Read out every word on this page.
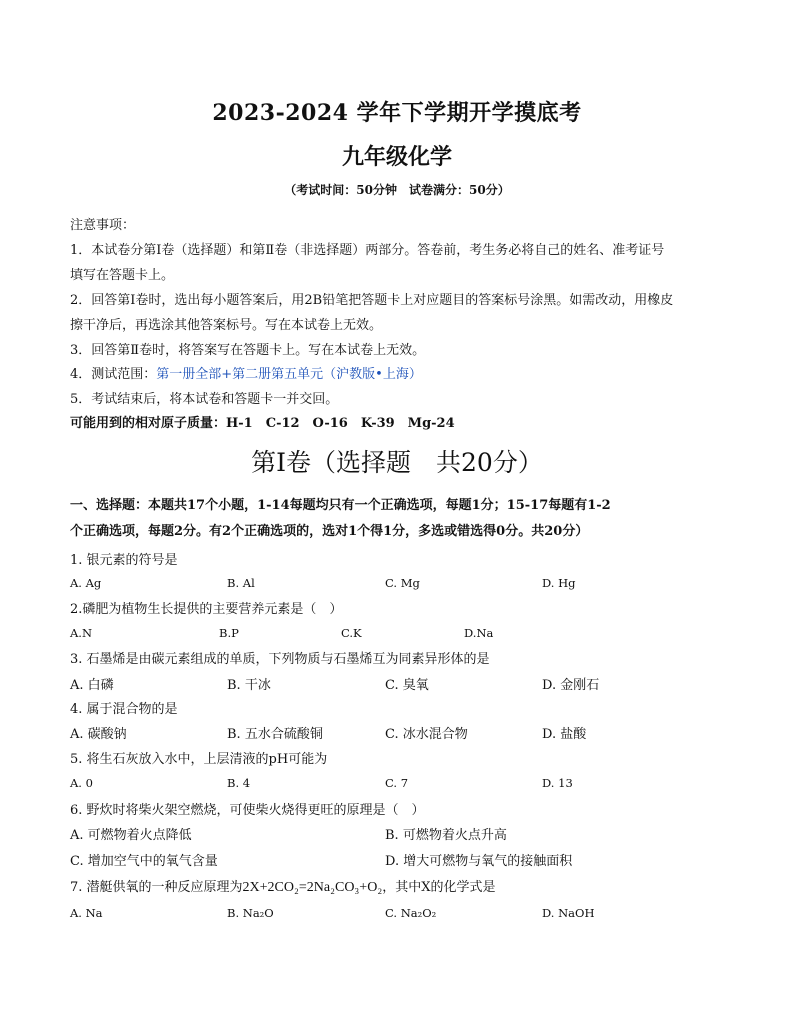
2023-2024 学年下学期开学摸底考
九年级化学
（考试时间：50分钟　试卷满分：50分）
注意事项：
1．本试卷分第Ⅰ卷（选择题）和第Ⅱ卷（非选择题）两部分。答卷前，考生务必将自己的姓名、准考证号
填写在答题卡上。
2．回答第Ⅰ卷时，选出每小题答案后，用2B铅笔把答题卡上对应题目的答案标号涂黑。如需改动，用橡皮
擦干净后，再选涂其他答案标号。写在本试卷上无效。
3．回答第Ⅱ卷时，将答案写在答题卡上。写在本试卷上无效。
4．测试范围：第一册全部+第二册第五单元（沪教版•上海）
5．考试结束后，将本试卷和答题卡一并交回。
可能用到的相对原子质量：H-1　C-12　O-16　K-39　Mg-24
第Ⅰ卷（选择题　共20分）
一、选择题：本题共17个小题，1-14每题均只有一个正确选项，每题1分；15-17每题有1-2
个正确选项，每题2分。有2个正确选项的，选对1个得1分，多选或错选得0分。共20分）
1. 银元素的符号是
A. Ag	B. Al	C. Mg	D. Hg
2.磷肥为植物生长提供的主要营养元素是（　）
A.N	B.P	C.K	D.Na
3. 石墨烯是由碳元素组成的单质，下列物质与石墨烯互为同素异形体的是
A. 白磷	B. 干冰	C. 臭氧	D. 金刚石
4. 属于混合物的是
A. 碳酸钠	B. 五水合硫酸铜	C. 冰水混合物	D. 盐酸
5. 将生石灰放入水中，上层清液的pH可能为
A. 0	B. 4	C. 7	D. 13
6. 野炊时将柴火架空燃烧，可使柴火烧得更旺的原理是（　）
A. 可燃物着火点降低	B. 可燃物着火点升高
C. 增加空气中的氧气含量	D. 增大可燃物与氧气的接触面积
7. 潜艇供氧的一种反应原理为2X+2CO₂=2Na₂CO₃+O₂，其中X的化学式是
A. Na	B. Na₂O	C. Na₂O₂	D. NaOH
